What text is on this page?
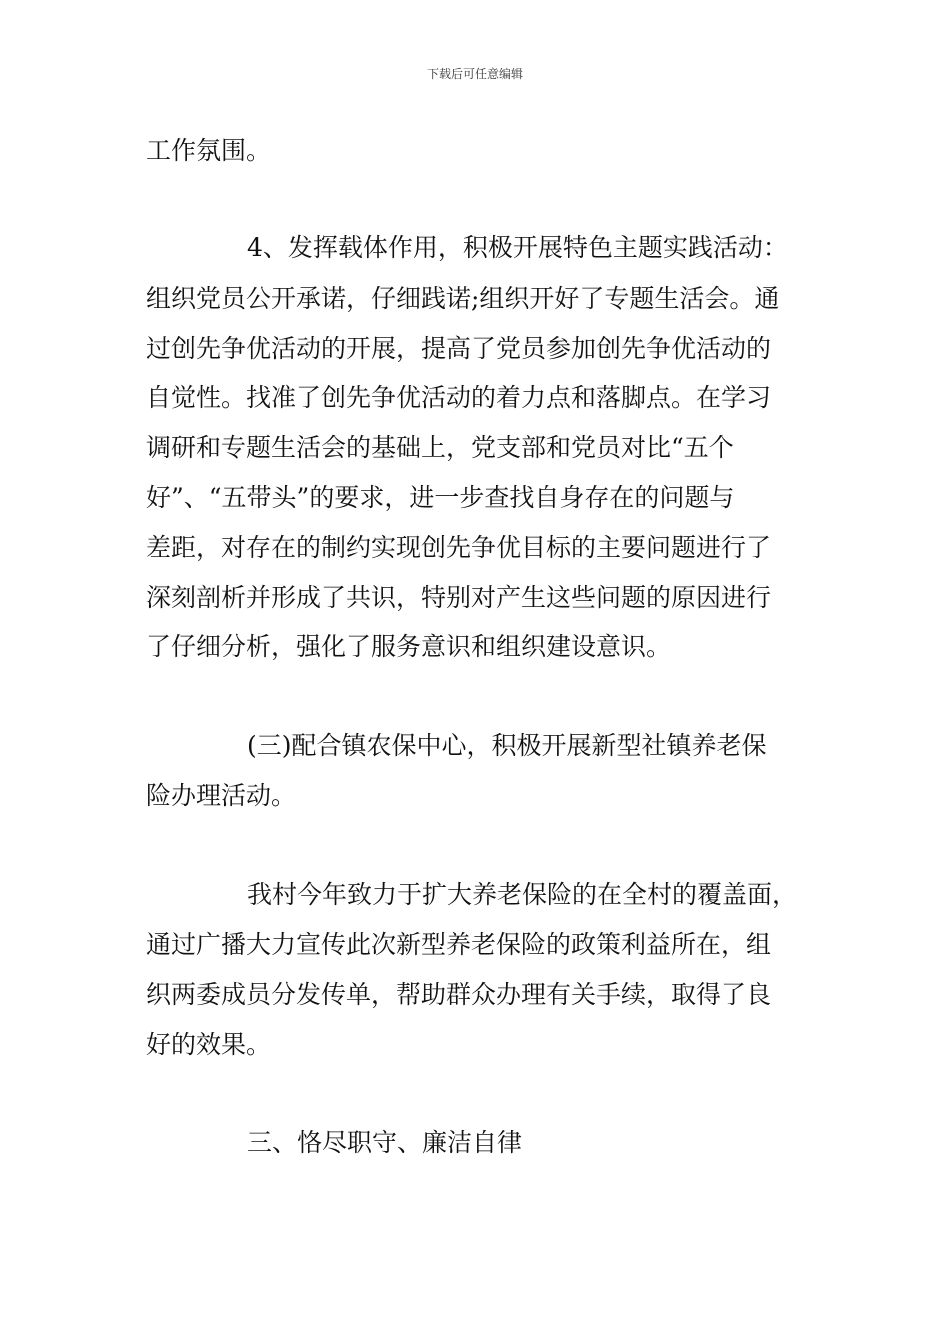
下载后可任意编辑
工作氛围。
4、发挥载体作用，积极开展特色主题实践活动：
组织党员公开承诺，仔细践诺;组织开好了专题生活会。通
过创先争优活动的开展，提高了党员参加创先争优活动的
自觉性。找准了创先争优活动的着力点和落脚点。在学习
调研和专题生活会的基础上，党支部和党员对比“五个
好”、“五带头”的要求，进一步查找自身存在的问题与
差距，对存在的制约实现创先争优目标的主要问题进行了
深刻剖析并形成了共识，特别对产生这些问题的原因进行
了仔细分析，强化了服务意识和组织建设意识。
(三)配合镇农保中心，积极开展新型社镇养老保
险办理活动。
我村今年致力于扩大养老保险的在全村的覆盖面，
通过广播大力宣传此次新型养老保险的政策利益所在，组
织两委成员分发传单，帮助群众办理有关手续，取得了良
好的效果。
三、恪尽职守、廉洁自律
